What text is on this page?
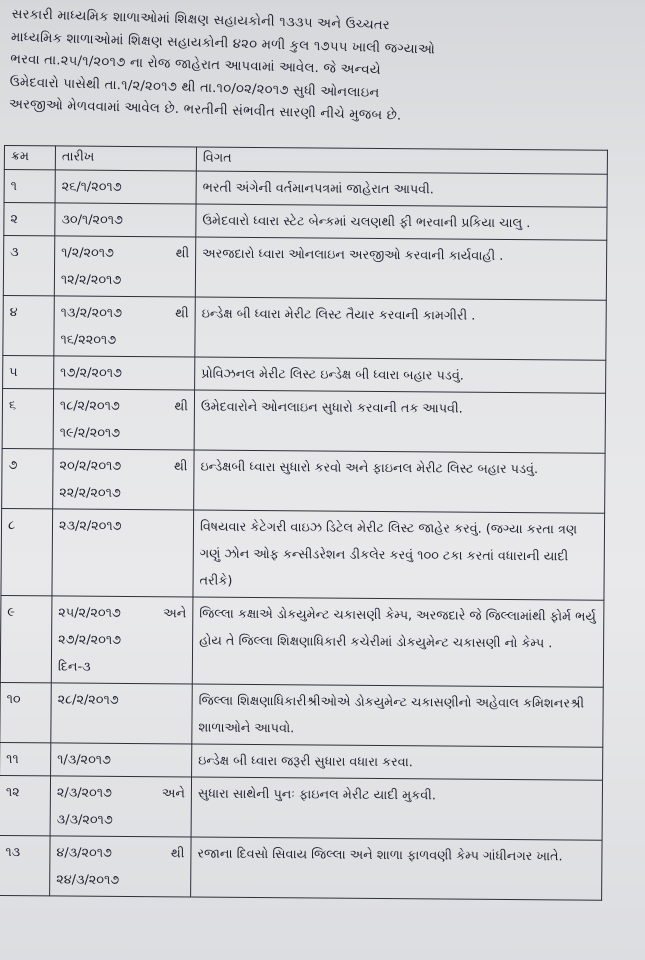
સરકારી માધ્યમિક શાળાઓમાં શિક્ષણ સહાયકોની ૧૩૩૫ અને ઉચ્ચતર

માધ્યમિક શાળાઓમાં શિક્ષણ સહાયકોની ૪૨૦ મળી કુલ ૧૭૫૫ ખાલી જગ્યાઓ

ભરવા તા.૨૫/૧/૨૦૧૭ ના રોજ જાહેરાત આપવામાં આવેલ. જે અન્વયે

ઉમેદવારો પાસેથી તા.૧/૨/૨૦૧૭ થી તા.૧૦/૦૨/૨૦૧૭ સુધી ઓનલાઇન

અરજીઓ મેળવવામાં આવેલ છે. ભરતીની સંભવીત સારણી નીચે મુજબ છે.

ક્રમ	તારીખ	વિગત
૧	૨૬/૧/૨૦૧૭	ભરતી અંગેની વર્તમાનપત્રમાં જાહેરાત આપવી.
૨	૩૦/૧/૨૦૧૭	ઉમેદવારો ધ્વારા સ્ટેટ બેન્કમાં ચલણથી ફી ભરવાની પ્રકિયા ચાલુ .
૩	૧/૨/૨૦૧૭ થી
૧૨/૨/૨૦૧૭	અરજદારો ધ્વારા ઓનલાઇન અરજીઓ કરવાની કાર્યવાહી .
૪	૧૩/૨/૨૦૧૭ થી
૧૬/૨૨૦૧૭	ઇન્ડેક્ષ બી ધ્વારા મેરીટ લિસ્ટ તૈયાર કરવાની કામગીરી .
૫	૧૭/૨/૨૦૧૭	પ્રોવિઝનલ મેરીટ લિસ્ટ ઇન્ડેક્ષ બી ધ્વારા બહાર પડવું.
૬	૧૮/૨/૨૦૧૭ થી
૧૯/૨/૨૦૧૭	ઉમેદવારોને ઓનલાઇન સુધારો કરવાની તક આપવી.
૭	૨૦/૨/૨૦૧૭ થી
૨૨/૨/૨૦૧૭	ઇન્ડેક્ષબી ધ્વારા સુધારો કરવો અને ફાઇનલ મેરીટ લિસ્ટ બહાર પડવું.
૮	૨૩/૨/૨૦૧૭	વિષયવાર કેટેગરી વાઇઝ ડિટેલ મેરીટ લિસ્ટ જાહેર કરવું. (જગ્યા કરતા ત્રણ ગણું ઝોન ઓફ કન્સીડરેશન ડીકલેર કરવું ૧૦૦ ટકા કરતાં વધારાની યાદી તરીકે)
૯	૨૫/૨/૨૦૧૭ અને
૨૭/૨/૨૦૧૭
દિન-૩	જિલ્લા કક્ષાએ ડોકયુમેન્ટ ચકાસણી કેમ્પ, અરજદારે જે જિલ્લામાંથી ફોર્મ ભર્યુ હોય તે જિલ્લા શિક્ષણાધિકારી કચેરીમાં ડોકયુમેન્ટ ચકાસણી નો કેમ્પ .
૧૦	૨૮/૨/૨૦૧૭	જિલ્લા શિક્ષણાધિકારીશ્રીઓએ ડોકયુમેન્ટ ચકાસણીનો અહેવાલ કમિશનરશ્રી શાળાઓને આપવો.
૧૧	૧/૩/૨૦૧૭	ઇન્ડેક્ષ બી ધ્વારા જરૂરી સુધારા વધારા કરવા.
૧૨	૨/૩/૨૦૧૭ અને
૩/૩/૨૦૧૭	સુધારા સાથેની પુનઃ ફાઇનલ મેરીટ યાદી મુકવી.
૧૩	૪/૩/૨૦૧૭ થી
૨૪/૩/૨૦૧૭	રજાના દિવસો સિવાય જિલ્લા અને શાળા ફાળવણી કેમ્પ ગાંધીનગર ખાતે.
